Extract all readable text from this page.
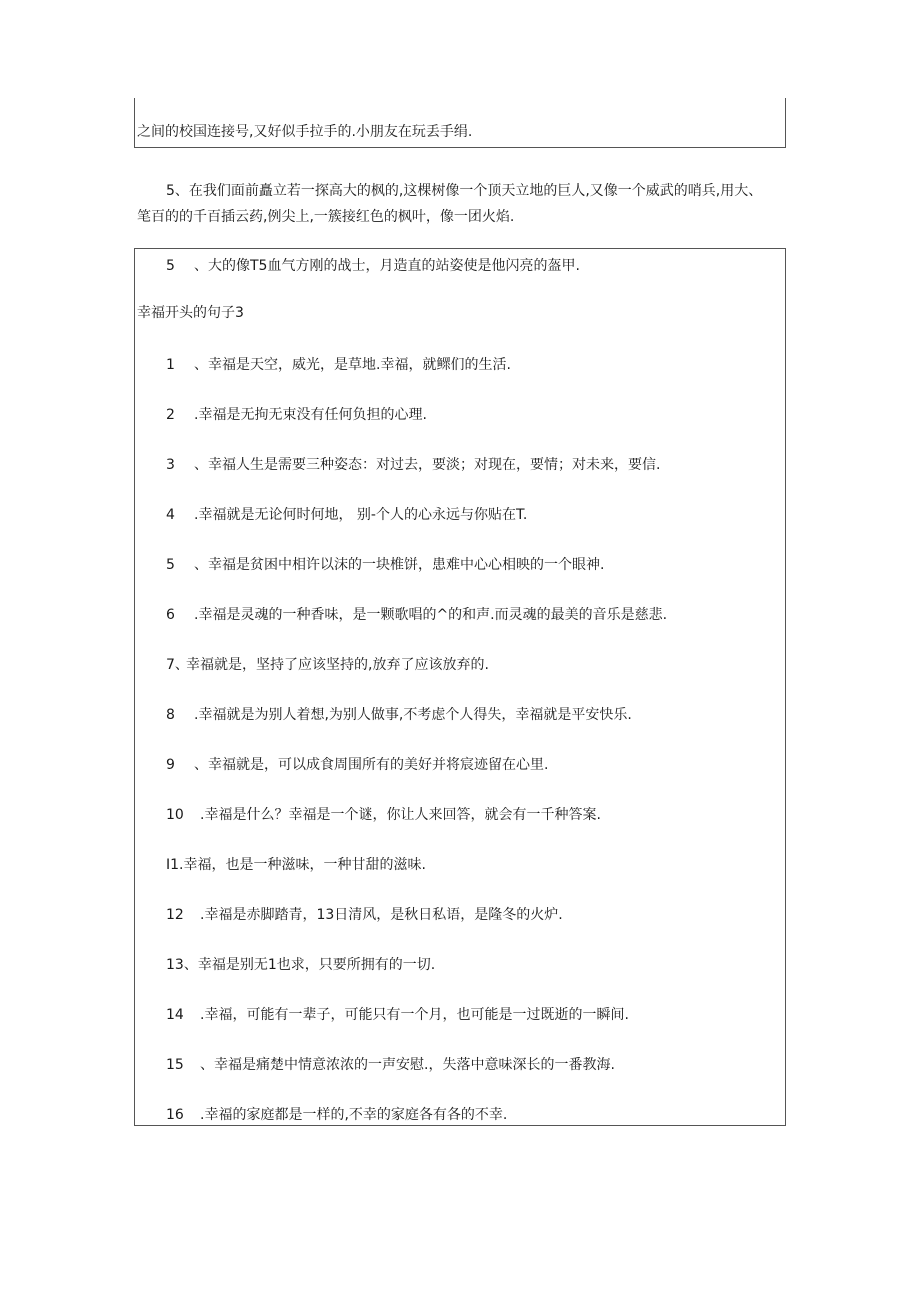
之间的校国连接号,又好似手拉手的.小朋友在玩丢手绢.
5、在我们面前矗立若一探高大的枫的,这棵树像一个顶天立地的巨人,又像一个威武的哨兵,用大、
笔百的的千百插云药,例尖上,一簇接红色的枫叶，像一团火焰.
5 、大的像T5血气方刚的战士，月造直的站姿使是他闪亮的盔甲.
幸福开头的句子3
1 、幸福是天空，威光，是草地.幸福，就鳏们的生活.
2 .幸福是无拘无束没有任何负担的心理.
3 、幸福人生是需要三种姿态：对过去，要淡；对现在，要情；对未来，要信.
4 .幸福就是无论何时何地， 别-个人的心永远与你贴在T.
5 、幸福是贫困中相许以沫的一块椎饼，患难中心心相映的一个眼神.
6 .幸福是灵魂的一种香味，是一颗歌唱的^的和声.而灵魂的最美的音乐是慈悲.
7、幸福就是，坚持了应该坚持的,放弃了应该放弃的.
8 .幸福就是为别人着想,为别人做事,不考虑个人得失，幸福就是平安快乐.
9 、幸福就是，可以成食周围所有的美好并将宸迹留在心里.
10 .幸福是什么？幸福是一个谜，你让人来回答，就会有一千种答案.
I1.幸福，也是一种滋味，一种甘甜的滋味.
12 .幸福是赤脚踏青，13日清风，是秋日私语，是隆冬的火炉.
13、幸福是别无1也求，只要所拥有的一切.
14 .幸福，可能有一辈子，可能只有一个月，也可能是一过既逝的一瞬间.
15 、幸福是痛楚中情意浓浓的一声安慰.，失落中意味深长的一番教海.
16 .幸福的家庭都是一样的,不幸的家庭各有各的不幸.
